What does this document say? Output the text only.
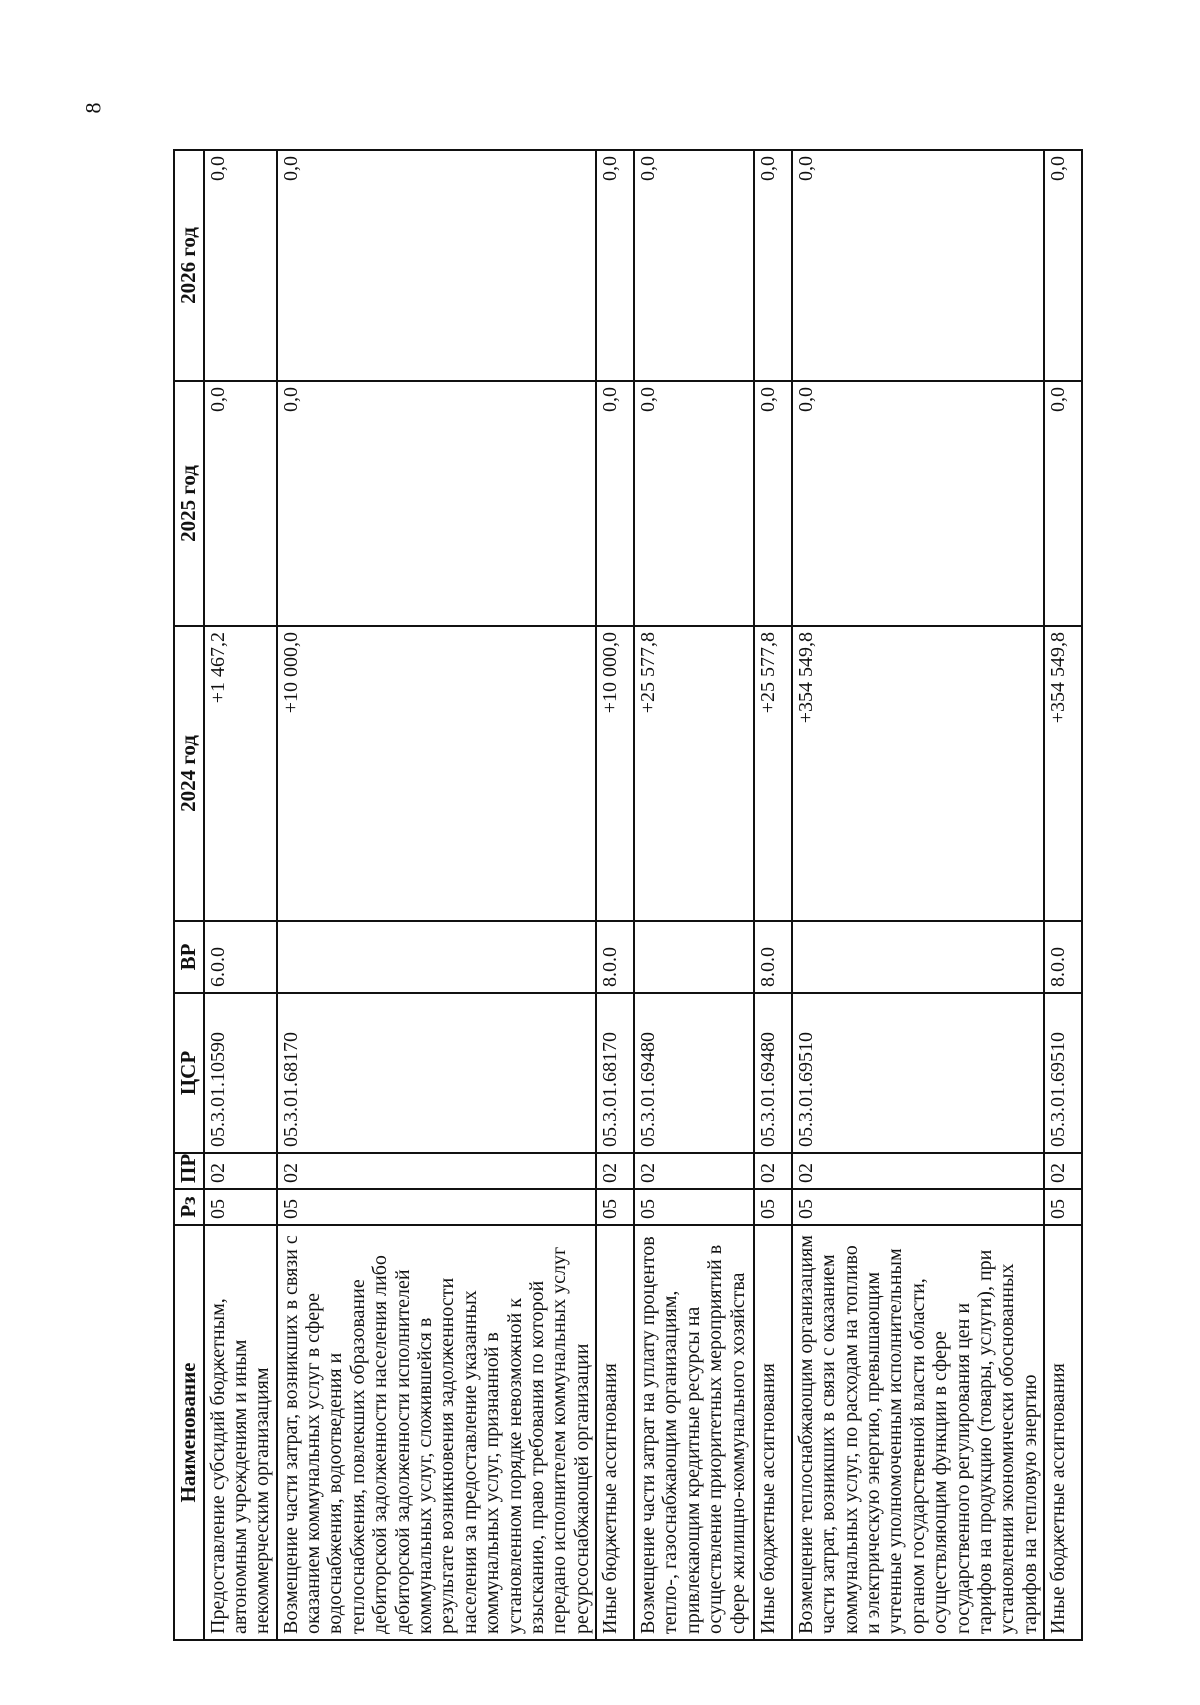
8
Наименование	Рз	ПР	ЦСР	ВР	2024 год	2025 год	2026 год
Предоставление субсидий бюджетным, автономным учреждениям и иным некоммерческим организациям	05	02	05.3.01.10590	6.0.0	+1 467,2	0,0	0,0
Возмещение части затрат, возникших в связи с оказанием коммунальных услуг в сфере водоснабжения, водоотведения и теплоснабжения, повлекших образование дебиторской задолженности населения либо дебиторской задолженности исполнителей коммунальных услуг, сложившейся в результате возникновения задолженности населения за предоставление указанных коммунальных услуг, признанной в установленном порядке невозможной к взысканию, право требования по которой передано исполнителем коммунальных услуг ресурсоснабжающей организации	05	02	05.3.01.68170		+10 000,0	0,0	0,0
Иные бюджетные ассигнования	05	02	05.3.01.68170	8.0.0	+10 000,0	0,0	0,0
Возмещение части затрат на уплату процентов тепло-, газоснабжающим организациям, привлекающим кредитные ресурсы на осуществление приоритетных мероприятий в сфере жилищно-коммунального хозяйства	05	02	05.3.01.69480		+25 577,8	0,0	0,0
Иные бюджетные ассигнования	05	02	05.3.01.69480	8.0.0	+25 577,8	0,0	0,0
Возмещение теплоснабжающим организациям части затрат, возникших в связи с оказанием коммунальных услуг, по расходам на топливо и электрическую энергию, превышающим учтенные уполномоченным исполнительным органом государственной власти области, осуществляющим функции в сфере государственного регулирования цен и тарифов на продукцию (товары, услуги), при установлении экономически обоснованных тарифов на тепловую энергию	05	02	05.3.01.69510		+354 549,8	0,0	0,0
Иные бюджетные ассигнования	05	02	05.3.01.69510	8.0.0	+354 549,8	0,0	0,0
